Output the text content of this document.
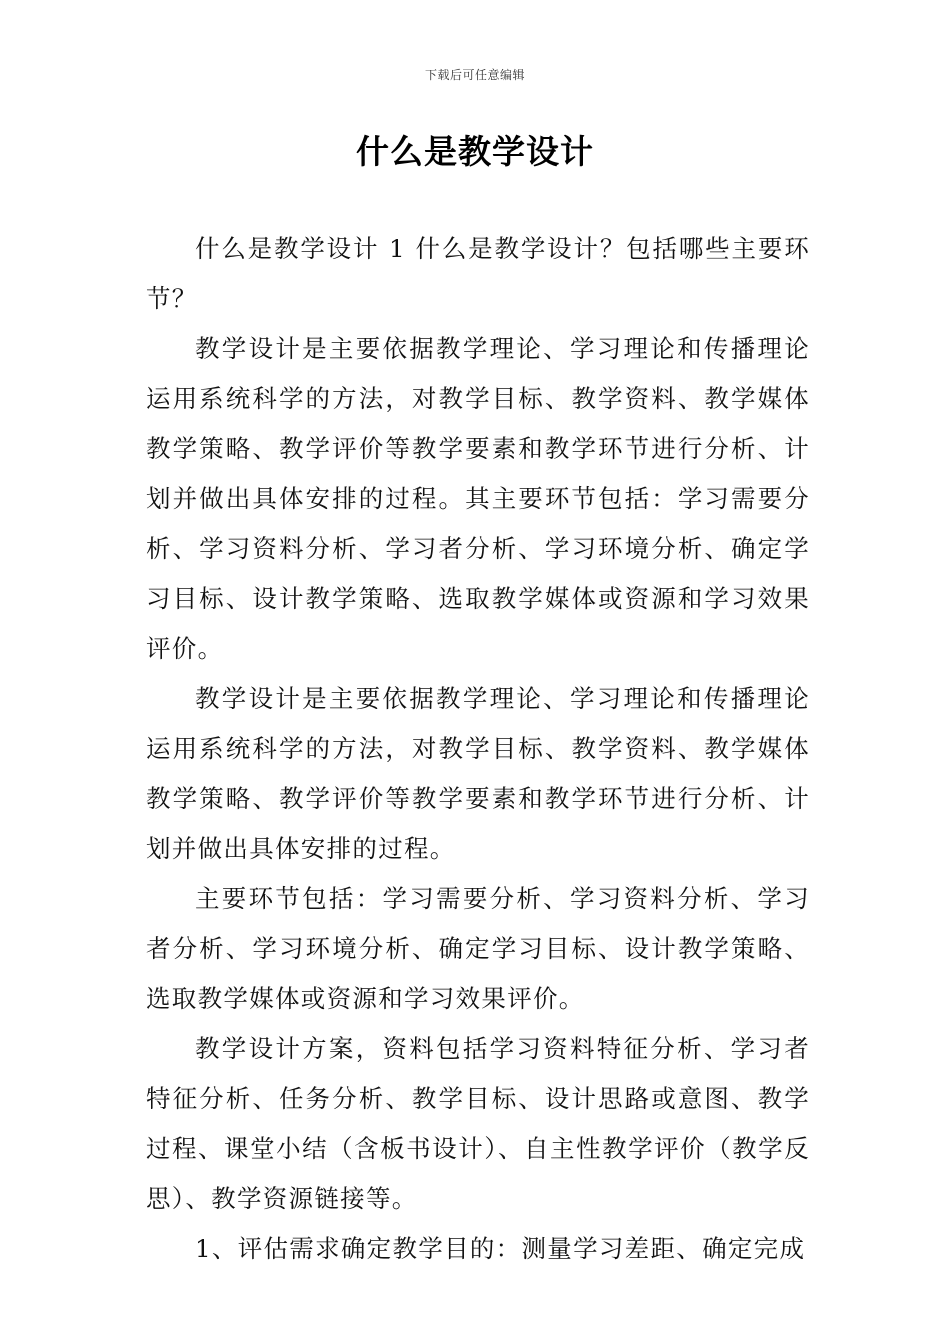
下载后可任意编辑
什么是教学设计

什么是教学设计 1 什么是教学设计？包括哪些主要环节？

教学设计是主要依据教学理论、学习理论和传播理论运用系统科学的方法，对教学目标、教学资料、教学媒体教学策略、教学评价等教学要素和教学环节进行分析、计划并做出具体安排的过程。其主要环节包括：学习需要分析、学习资料分析、学习者分析、学习环境分析、确定学习目标、设计教学策略、选取教学媒体或资源和学习效果评价。

教学设计是主要依据教学理论、学习理论和传播理论运用系统科学的方法，对教学目标、教学资料、教学媒体教学策略、教学评价等教学要素和教学环节进行分析、计划并做出具体安排的过程。

主要环节包括：学习需要分析、学习资料分析、学习者分析、学习环境分析、确定学习目标、设计教学策略、选取教学媒体或资源和学习效果评价。

教学设计方案，资料包括学习资料特征分析、学习者特征分析、任务分析、教学目标、设计思路或意图、教学过程、课堂小结（含板书设计）、自主性教学评价（教学反思）、教学资源链接等。

1、评估需求确定教学目的：测量学习差距、确定完成
